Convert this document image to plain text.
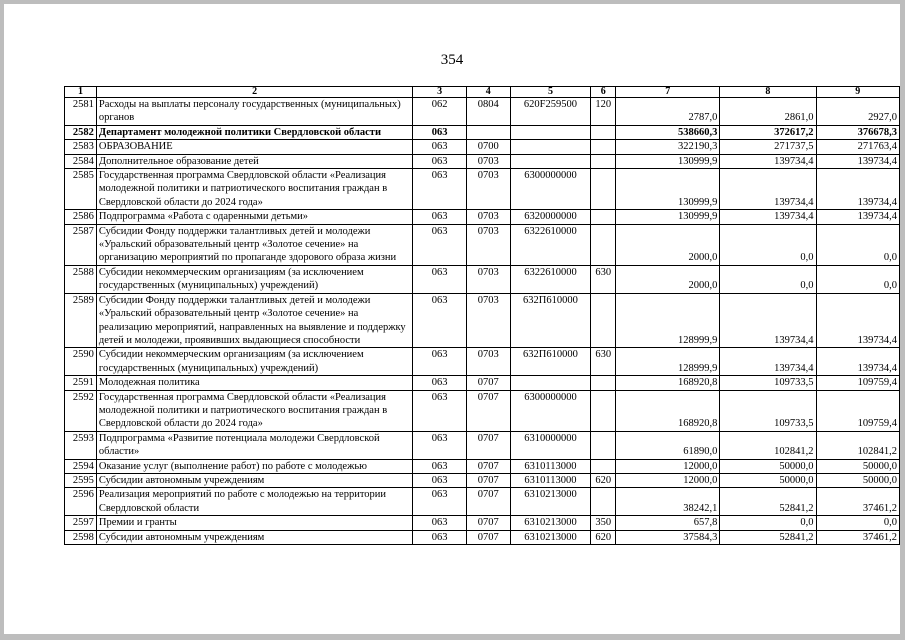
354
1	2	3	4	5	6	7	8	9
2581	Расходы на выплаты персоналу государственных (муниципальных) органов	062	0804	620F259500	120	2787,0	2861,0	2927,0
2582	Департамент молодежной политики Свердловской области	063				538660,3	372617,2	376678,3
2583	ОБРАЗОВАНИЕ	063	0700			322190,3	271737,5	271763,4
2584	Дополнительное образование детей	063	0703			130999,9	139734,4	139734,4
2585	Государственная программа Свердловской области «Реализация молодежной политики и патриотического воспитания граждан в Свердловской области до 2024 года»	063	0703	6300000000		130999,9	139734,4	139734,4
2586	Подпрограмма «Работа с одаренными детьми»	063	0703	6320000000		130999,9	139734,4	139734,4
2587	Субсидии Фонду поддержки талантливых детей и молодежи «Уральский образовательный центр «Золотое сечение» на организацию мероприятий по пропаганде здорового образа жизни	063	0703	6322610000		2000,0	0,0	0,0
2588	Субсидии некоммерческим организациям (за исключением государственных (муниципальных) учреждений)	063	0703	6322610000	630	2000,0	0,0	0,0
2589	Субсидии Фонду поддержки талантливых детей и молодежи «Уральский образовательный центр «Золотое сечение» на реализацию мероприятий, направленных на выявление и поддержку детей и молодежи, проявивших выдающиеся способности	063	0703	632П610000		128999,9	139734,4	139734,4
2590	Субсидии некоммерческим организациям (за исключением государственных (муниципальных) учреждений)	063	0703	632П610000	630	128999,9	139734,4	139734,4
2591	Молодежная политика	063	0707			168920,8	109733,5	109759,4
2592	Государственная программа Свердловской области «Реализация молодежной политики и патриотического воспитания граждан в Свердловской области до 2024 года»	063	0707	6300000000		168920,8	109733,5	109759,4
2593	Подпрограмма «Развитие потенциала молодежи Свердловской области»	063	0707	6310000000		61890,0	102841,2	102841,2
2594	Оказание услуг (выполнение работ) по работе с молодежью	063	0707	6310113000		12000,0	50000,0	50000,0
2595	Субсидии автономным учреждениям	063	0707	6310113000	620	12000,0	50000,0	50000,0
2596	Реализация мероприятий по работе с молодежью на территории Свердловской области	063	0707	6310213000		38242,1	52841,2	37461,2
2597	Премии и гранты	063	0707	6310213000	350	657,8	0,0	0,0
2598	Субсидии автономным учреждениям	063	0707	6310213000	620	37584,3	52841,2	37461,2
